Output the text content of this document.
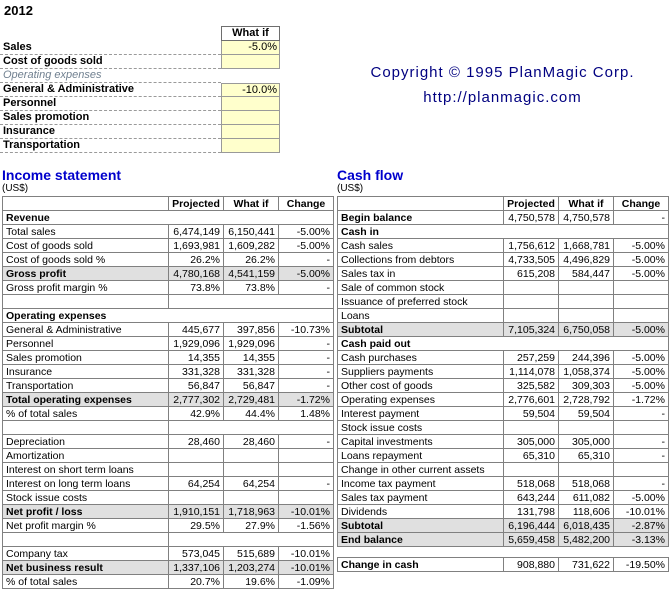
2012
What if
Sales	-5.0%
Cost of goods sold
Operating expenses
General & Administrative	-10.0%
Personnel
Sales promotion
Insurance
Transportation
Copyright © 1995 PlanMagic Corp.
http://planmagic.com
Income statement
(US$)
	Projected	What if	Change
Revenue			
Total sales	6,474,149	6,150,441	-5.00%
Cost of goods sold	1,693,981	1,609,282	-5.00%
Cost of goods sold %	26.2%	26.2%	-
Gross profit	4,780,168	4,541,159	-5.00%
Gross profit margin %	73.8%	73.8%	-

Operating expenses			
General & Administrative	445,677	397,856	-10.73%
Personnel	1,929,096	1,929,096	-
Sales promotion	14,355	14,355	-
Insurance	331,328	331,328	-
Transportation	56,847	56,847	-
Total operating expenses	2,777,302	2,729,481	-1.72%
% of total sales	42.9%	44.4%	1.48%

Depreciation	28,460	28,460	-
Amortization			
Interest on short term loans			
Interest on long term loans	64,254	64,254	-
Stock issue costs			
Net profit / loss	1,910,151	1,718,963	-10.01%
Net profit margin %	29.5%	27.9%	-1.56%

Company tax	573,045	515,689	-10.01%
Net business result	1,337,106	1,203,274	-10.01%
% of total sales	20.7%	19.6%	-1.09%
Cash flow
(US$)
	Projected	What if	Change
Begin balance	4,750,578	4,750,578	-
Cash in			
Cash sales	1,756,612	1,668,781	-5.00%
Collections from debtors	4,733,505	4,496,829	-5.00%
Sales tax in	615,208	584,447	-5.00%
Sale of common stock			
Issuance of preferred stock			
Loans			
Subtotal	7,105,324	6,750,058	-5.00%
Cash paid out			
Cash purchases	257,259	244,396	-5.00%
Suppliers payments	1,114,078	1,058,374	-5.00%
Other cost of goods	325,582	309,303	-5.00%
Operating expenses	2,776,601	2,728,792	-1.72%
Interest payment	59,504	59,504	-
Stock issue costs			
Capital investments	305,000	305,000	-
Loans repayment	65,310	65,310	-
Change in other current assets			
Income tax payment	518,068	518,068	-
Sales tax payment	643,244	611,082	-5.00%
Dividends	131,798	118,606	-10.01%
Subtotal	6,196,444	6,018,435	-2.87%
End balance	5,659,458	5,482,200	-3.13%
Change in cash	908,880	731,622	-19.50%
